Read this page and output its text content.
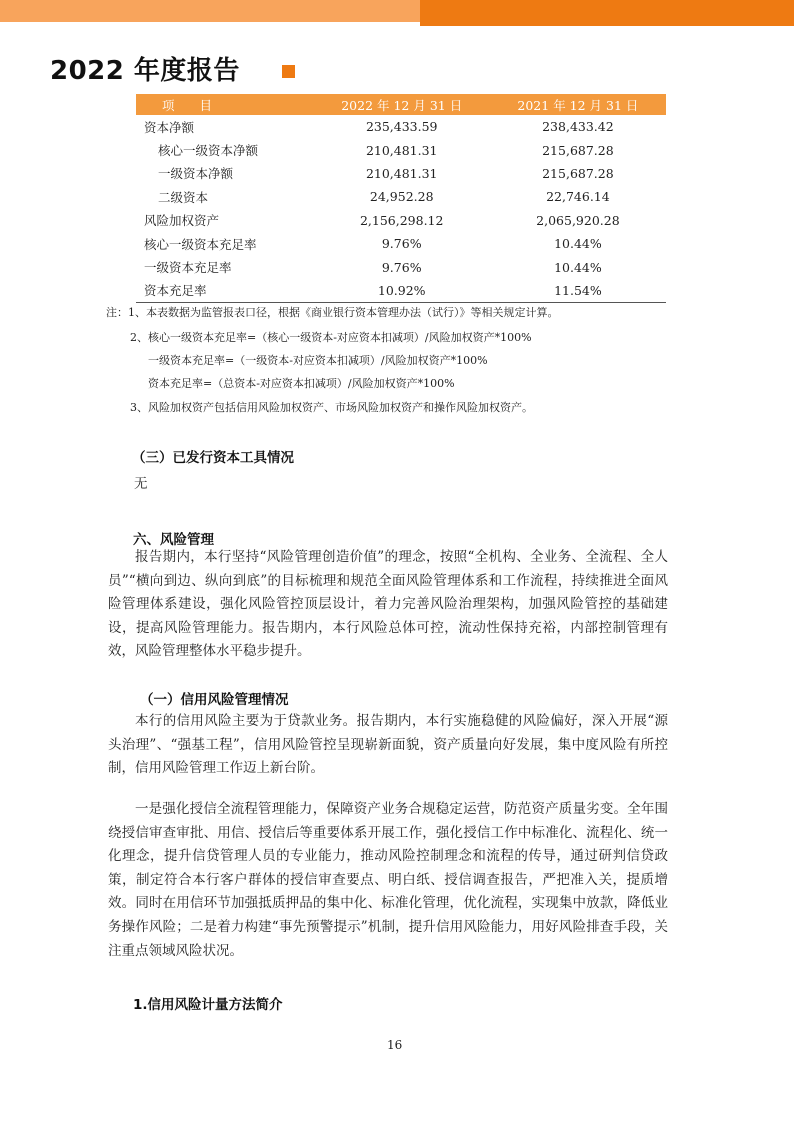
2022 年度报告
项　　目	2022 年 12 月 31 日	2021 年 12 月 31 日
资本净额	235,433.59	238,433.42
核心一级资本净额	210,481.31	215,687.28
一级资本净额	210,481.31	215,687.28
二级资本	24,952.28	22,746.14
风险加权资产	2,156,298.12	2,065,920.28
核心一级资本充足率	9.76%	10.44%
一级资本充足率	9.76%	10.44%
资本充足率	10.92%	11.54%
注：1、本表数据为监管报表口径，根据《商业银行资本管理办法（试行）》等相关规定计算。
2、核心一级资本充足率=（核心一级资本-对应资本扣减项）/风险加权资产*100%
一级资本充足率=（一级资本-对应资本扣减项）/风险加权资产*100%
资本充足率=（总资本-对应资本扣减项）/风险加权资产*100%
3、风险加权资产包括信用风险加权资产、市场风险加权资产和操作风险加权资产。
（三）已发行资本工具情况
无
六、风险管理

报告期内，本行坚持“风险管理创造价值”的理念，按照“全机构、全业务、全流程、全人员”“横向到边、纵向到底”的目标梳理和规范全面风险管理体系和工作流程，持续推进全面风险管理体系建设，强化风险管控顶层设计，着力完善风险治理架构，加强风险管控的基础建设，提高风险管理能力。报告期内，本行风险总体可控，流动性保持充裕，内部控制管理有效，风险管理整体水平稳步提升。

（一）信用风险管理情况

本行的信用风险主要为于贷款业务。报告期内，本行实施稳健的风险偏好，深入开展“源头治理”、“强基工程”，信用风险管控呈现崭新面貌，资产质量向好发展，集中度风险有所控制，信用风险管理工作迈上新台阶。

一是强化授信全流程管理能力，保障资产业务合规稳定运营，防范资产质量劣变。全年围绕授信审查审批、用信、授信后等重要体系开展工作，强化授信工作中标准化、流程化、统一化理念，提升信贷管理人员的专业能力，推动风险控制理念和流程的传导，通过研判信贷政策，制定符合本行客户群体的授信审查要点、明白纸、授信调查报告，严把准入关，提质增效。同时在用信环节加强抵质押品的集中化、标准化管理，优化流程，实现集中放款，降低业务操作风险；二是着力构建“事先预警提示”机制，提升信用风险能力，用好风险排查手段，关注重点领域风险状况。

1.信用风险计量方法简介
16
